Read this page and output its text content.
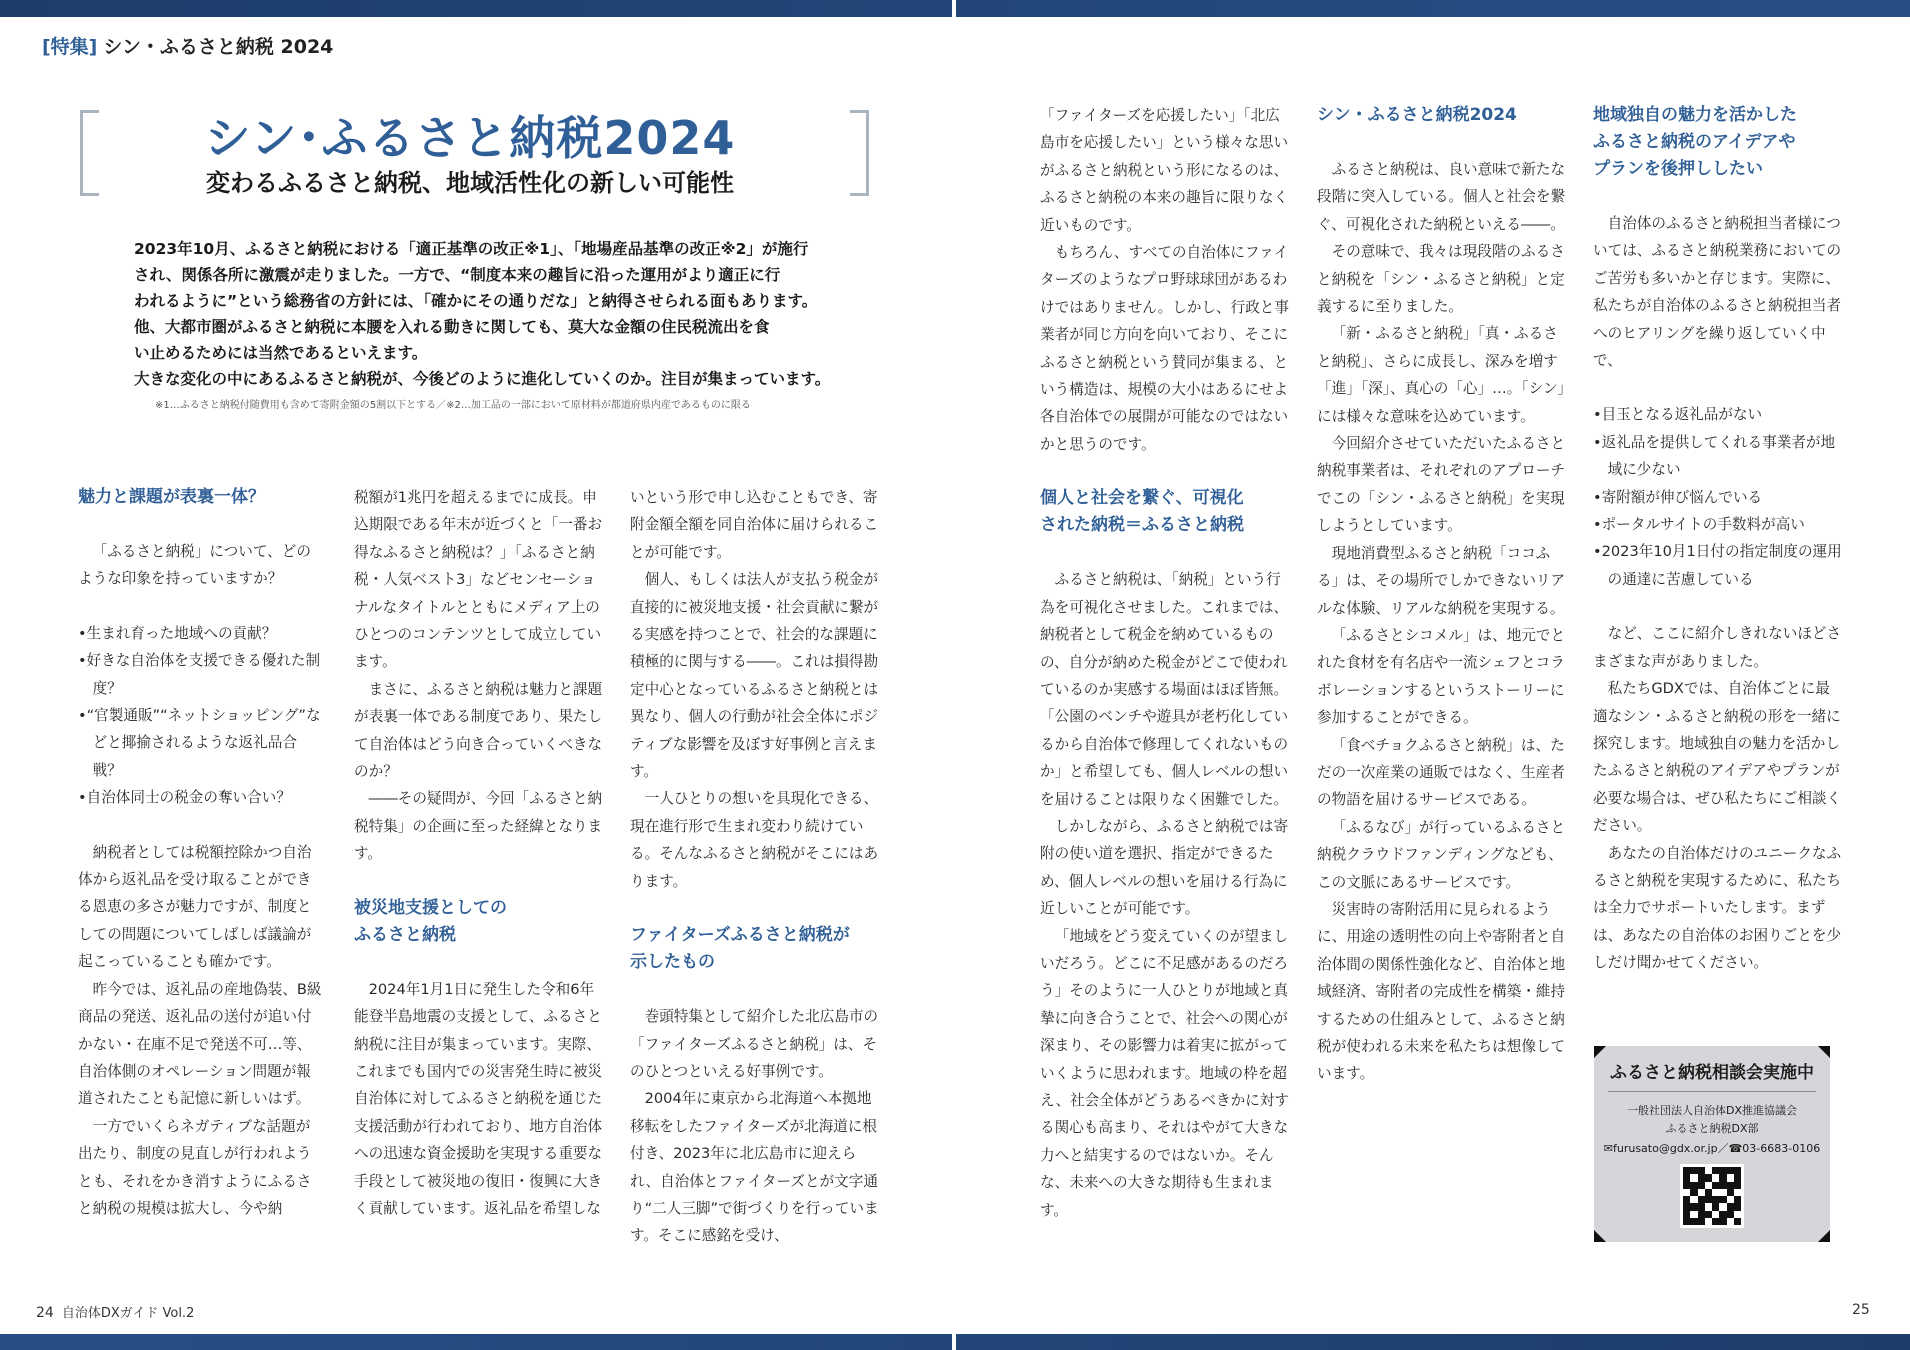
[特集] シン・ふるさと納税 2024
シン･ふるさと納税2024
変わるふるさと納税、地域活性化の新しい可能性

2023年10月、ふるさと納税における「適正基準の改正※1」、「地場産品基準の改正※2」が施行

され、関係各所に激震が走りました。一方で、“制度本来の趣旨に沿った運用がより適正に行

われるように”という総務省の方針には、「確かにその通りだな」と納得させられる面もあります。

他、大都市圏がふるさと納税に本腰を入れる動きに関しても、莫大な金額の住民税流出を食

い止めるためには当然であるといえます。

大きな変化の中にあるふるさと納税が、今後どのように進化していくのか。注目が集まっています。

※1…ふるさと納税付随費用も含めて寄附金額の5割以下とする／※2…加工品の一部において原材料が都道府県内産であるものに限る
魅力と課題が表裏一体？

「ふるさと納税」について、どのような印象を持っていますか？

•生まれ育った地域への貢献？

•好きな自治体を支援できる優れた制度？

•“官製通販”“ネットショッピング”などと揶揄されるような返礼品合戦？

•自治体同士の税金の奪い合い？

納税者としては税額控除かつ自治体から返礼品を受け取ることができる恩恵の多さが魅力ですが、制度としての問題についてしばしば議論が起こっていることも確かです。

昨今では、返礼品の産地偽装、B級商品の発送、返礼品の送付が追い付かない・在庫不足で発送不可…等、自治体側のオペレーション問題が報道されたことも記憶に新しいはず。

一方でいくらネガティブな話題が出たり、制度の見直しが行われようとも、それをかき消すようにふるさと納税の規模は拡大し、今や納

税額が1兆円を超えるまでに成長。申込期限である年末が近づくと「一番お得なふるさと納税は？」「ふるさと納税・人気ベスト3」などセンセーショナルなタイトルとともにメディア上のひとつのコンテンツとして成立しています。

まさに、ふるさと納税は魅力と課題が表裏一体である制度であり、果たして自治体はどう向き合っていくべきなのか？

――その疑問が、今回「ふるさと納税特集」の企画に至った経緯となります。

被災地支援としての
ふるさと納税

2024年1月1日に発生した令和6年能登半島地震の支援として、ふるさと納税に注目が集まっています。実際、これまでも国内での災害発生時に被災自治体に対してふるさと納税を通じた支援活動が行われており、地方自治体への迅速な資金援助を実現する重要な手段として被災地の復旧・復興に大きく貢献しています。返礼品を希望しな

いという形で申し込むこともでき、寄附金額全額を同自治体に届けられることが可能です。

個人、もしくは法人が支払う税金が直接的に被災地支援・社会貢献に繋がる実感を持つことで、社会的な課題に積極的に関与する――。これは損得勘定中心となっているふるさと納税とは異なり、個人の行動が社会全体にポジティブな影響を及ぼす好事例と言えます。

一人ひとりの想いを具現化できる、現在進行形で生まれ変わり続けている。そんなふるさと納税がそこにはあります。

ファイターズふるさと納税が
示したもの

巻頭特集として紹介した北広島市の「ファイターズふるさと納税」は、そのひとつといえる好事例です。

2004年に東京から北海道へ本拠地移転をしたファイターズが北海道に根付き、2023年に北広島市に迎えられ、自治体とファイターズとが文字通り“二人三脚”で街づくりを行っています。そこに感銘を受け、

「ファイターズを応援したい」「北広島市を応援したい」という様々な思いがふるさと納税という形になるのは、ふるさと納税の本来の趣旨に限りなく近いものです。

もちろん、すべての自治体にファイターズのようなプロ野球球団があるわけではありません。しかし、行政と事業者が同じ方向を向いており、そこにふるさと納税という賛同が集まる、という構造は、規模の大小はあるにせよ各自治体での展開が可能なのではないかと思うのです。

個人と社会を繋ぐ、可視化
された納税＝ふるさと納税

ふるさと納税は、「納税」という行為を可視化させました。これまでは、納税者として税金を納めているものの、自分が納めた税金がどこで使われているのか実感する場面はほぼ皆無。「公園のベンチや遊具が老朽化しているから自治体で修理してくれないものか」と希望しても、個人レベルの想いを届けることは限りなく困難でした。

しかしながら、ふるさと納税では寄附の使い道を選択、指定ができるため、個人レベルの想いを届ける行為に近しいことが可能です。

「地域をどう変えていくのが望ましいだろう。どこに不足感があるのだろう」そのように一人ひとりが地域と真摯に向き合うことで、社会への関心が深まり、その影響力は着実に拡がっていくように思われます。地域の枠を超え、社会全体がどうあるべきかに対する関心も高まり、それはやがて大きな力へと結実するのではないか。そんな、未来への大きな期待も生まれます。

シン・ふるさと納税2024

ふるさと納税は、良い意味で新たな段階に突入している。個人と社会を繋ぐ、可視化された納税といえる――。

その意味で、我々は現段階のふるさと納税を「シン・ふるさと納税」と定義するに至りました。

「新・ふるさと納税」「真・ふるさと納税」、さらに成長し、深みを増す「進」「深」、真心の「心」…。「シン」には様々な意味を込めています。

今回紹介させていただいたふるさと納税事業者は、それぞれのアプローチでこの「シン・ふるさと納税」を実現しようとしています。

現地消費型ふるさと納税「ココふる」は、その場所でしかできないリアルな体験、リアルな納税を実現する。

「ふるさとシコメル」は、地元でとれた食材を有名店や一流シェフとコラボレーションするというストーリーに参加することができる。

「食べチョクふるさと納税」は、ただの一次産業の通販ではなく、生産者の物語を届けるサービスである。

「ふるなび」が行っているふるさと納税クラウドファンディングなども、この文脈にあるサービスです。

災害時の寄附活用に見られるように、用途の透明性の向上や寄附者と自治体間の関係性強化など、自治体と地域経済、寄附者の完成性を構築・維持するための仕組みとして、ふるさと納税が使われる未来を私たちは想像しています。

地域独自の魅力を活かした
ふるさと納税のアイデアや
プランを後押ししたい

自治体のふるさと納税担当者様については、ふるさと納税業務においてのご苦労も多いかと存じます。実際に、私たちが自治体のふるさと納税担当者へのヒアリングを繰り返していく中で、

•目玉となる返礼品がない

•返礼品を提供してくれる事業者が地域に少ない

•寄附額が伸び悩んでいる

•ポータルサイトの手数料が高い

•2023年10月1日付の指定制度の運用の通達に苦慮している

など、ここに紹介しきれないほどさまざまな声がありました。

私たちGDXでは、自治体ごとに最適なシン・ふるさと納税の形を一緒に探究します。地域独自の魅力を活かしたふるさと納税のアイデアやプランが必要な場合は、ぜひ私たちにご相談ください。

あなたの自治体だけのユニークなふるさと納税を実現するために、私たちは全力でサポートいたします。まずは、あなたの自治体のお困りごとを少しだけ聞かせてください。

ふるさと納税相談会実施中
一般社団法人自治体DX推進協議会
ふるさと納税DX部
✉furusato@gdx.or.jp／☎03-6683-0106
24 自治体DXガイド Vol.2	25
